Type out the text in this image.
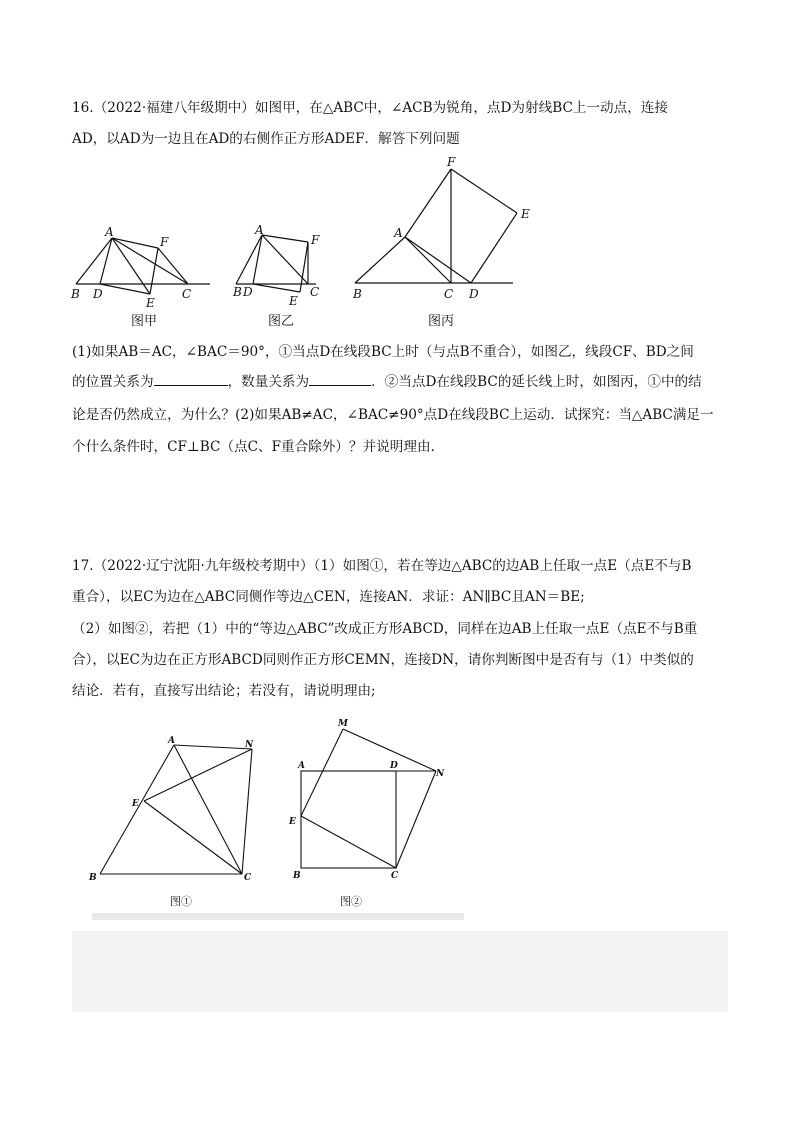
16.（2022·福建八年级期中）如图甲，在△ABC中，∠ACB为锐角，点D为射线BC上一动点，连接

AD，以AD为一边且在AD的右侧作正方形ADEF．解答下列问题

A
F
B D
E
C
A
F
B D
E
C
F
E
A
B	C D
图甲	图乙	图丙

(1)如果AB＝AC，∠BAC＝90°，①当点D在线段BC上时（与点B不重合），如图乙，线段CF、BD之间

的位置关系为	，数量关系为	．②当点D在线段BC的延长线上时，如图丙，①中的结

论是否仍然成立，为什么？(2)如果AB≠AC，∠BAC≠90°点D在线段BC上运动．试探究：当△ABC满足一

个什么条件时，CF⊥BC（点C、F重合除外）？并说明理由.

17.（2022·辽宁沈阳·九年级校考期中）（1）如图①，若在等边△ABC的边AB上任取一点E（点E不与B

重合），以EC为边在△ABC同侧作等边△CEN，连接AN．求证：AN∥BC且AN＝BE;

（2）如图②，若把（1）中的“等边△ABC”改成正方形ABCD，同样在边AB上任取一点E（点E不与B重

合），以EC为边在正方形ABCD同则作正方形CEMN，连接DN，请你判断图中是否有与（1）中类似的

结论．若有，直接写出结论；若没有，请说明理由;

A	N
E
B	C
M
A	D
N
E
B	C
图①	图②
